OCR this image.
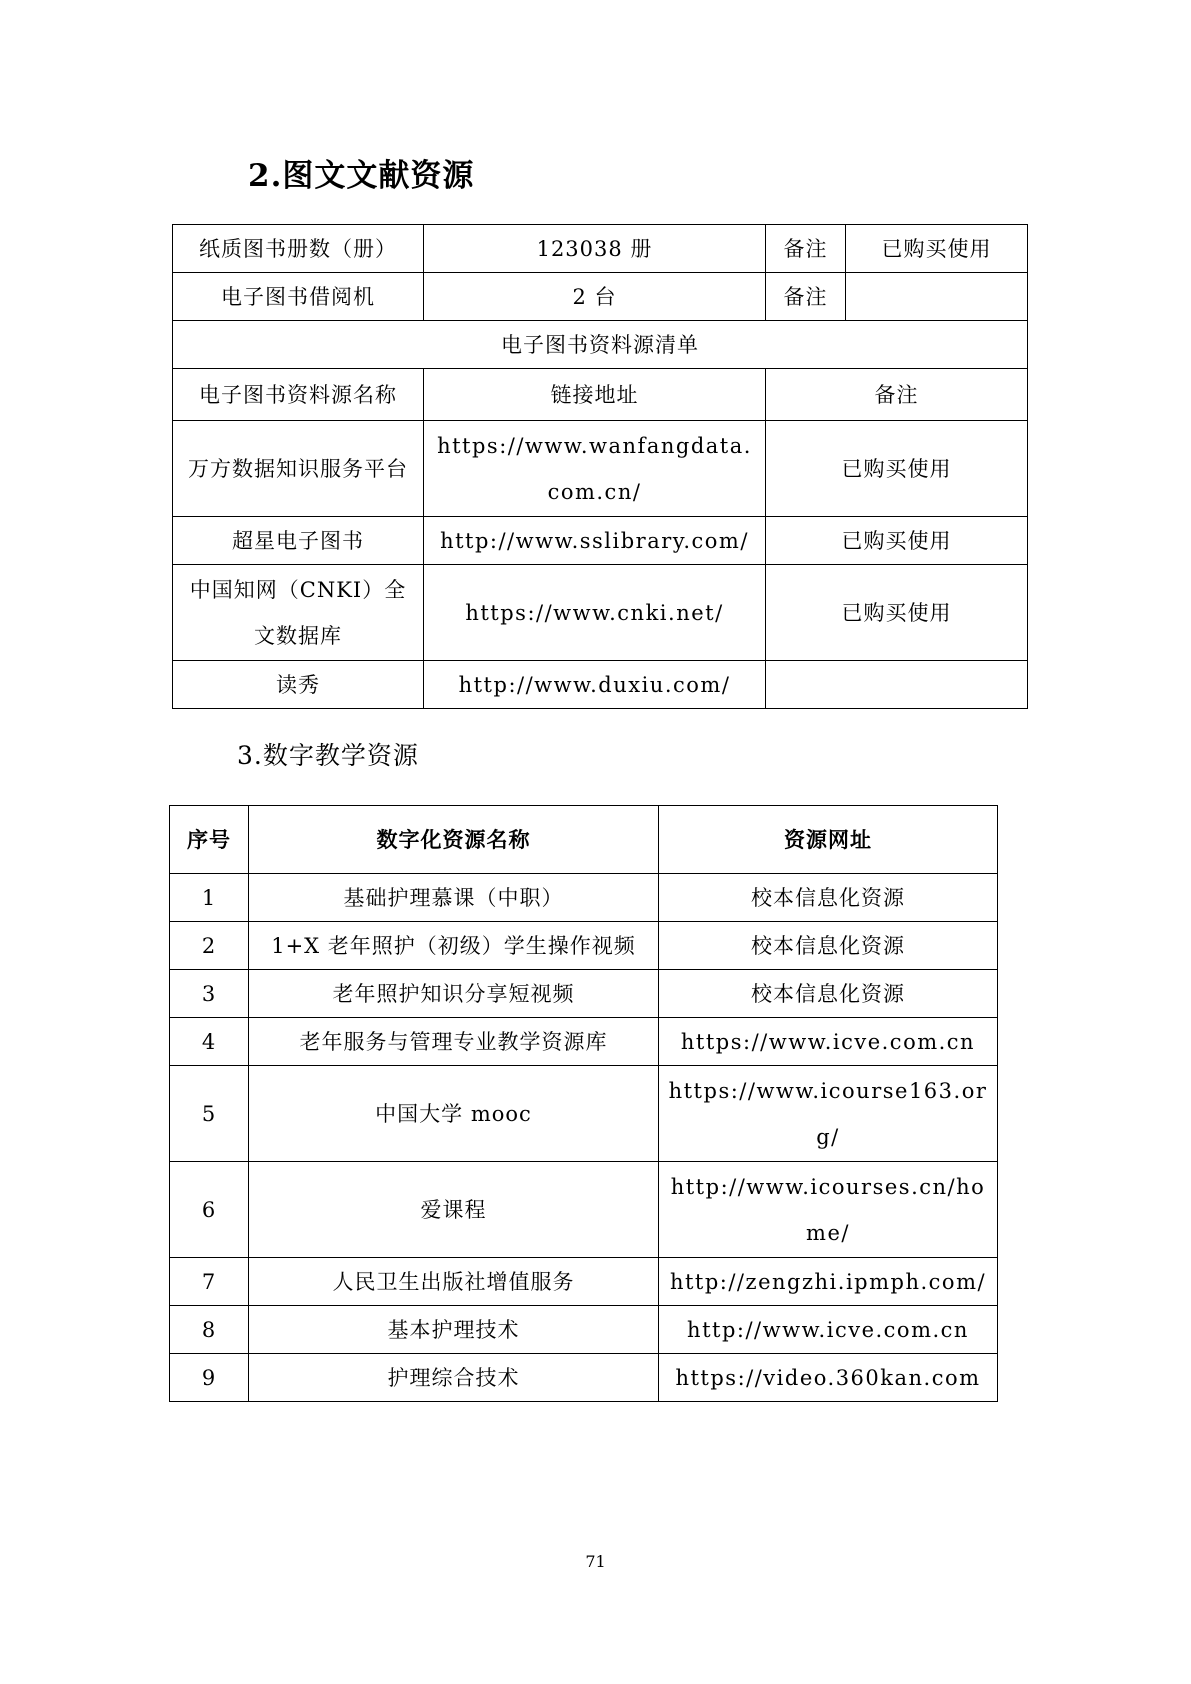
2.图文文献资源
纸质图书册数（册）	123038 册	备注	已购买使用
电子图书借阅机	2 台	备注	
电子图书资料源清单			
电子图书资料源名称	链接地址	备注	
万方数据知识服务平台	https://www.wanfangdata.com.cn/	已购买使用	
超星电子图书	http://www.sslibrary.com/	已购买使用	
中国知网（CNKI）全文数据库	https://www.cnki.net/	已购买使用	
读秀	http://www.duxiu.com/		
3.数字教学资源
序号	数字化资源名称	资源网址
1	基础护理慕课（中职）	校本信息化资源
2	1+X 老年照护（初级）学生操作视频	校本信息化资源
3	老年照护知识分享短视频	校本信息化资源
4	老年服务与管理专业教学资源库	https://www.icve.com.cn
5	中国大学 mooc	https://www.icourse163.org/
6	爱课程	http://www.icourses.cn/home/
7	人民卫生出版社增值服务	http://zengzhi.ipmph.com/
8	基本护理技术	http://www.icve.com.cn
9	护理综合技术	https://video.360kan.com
71
